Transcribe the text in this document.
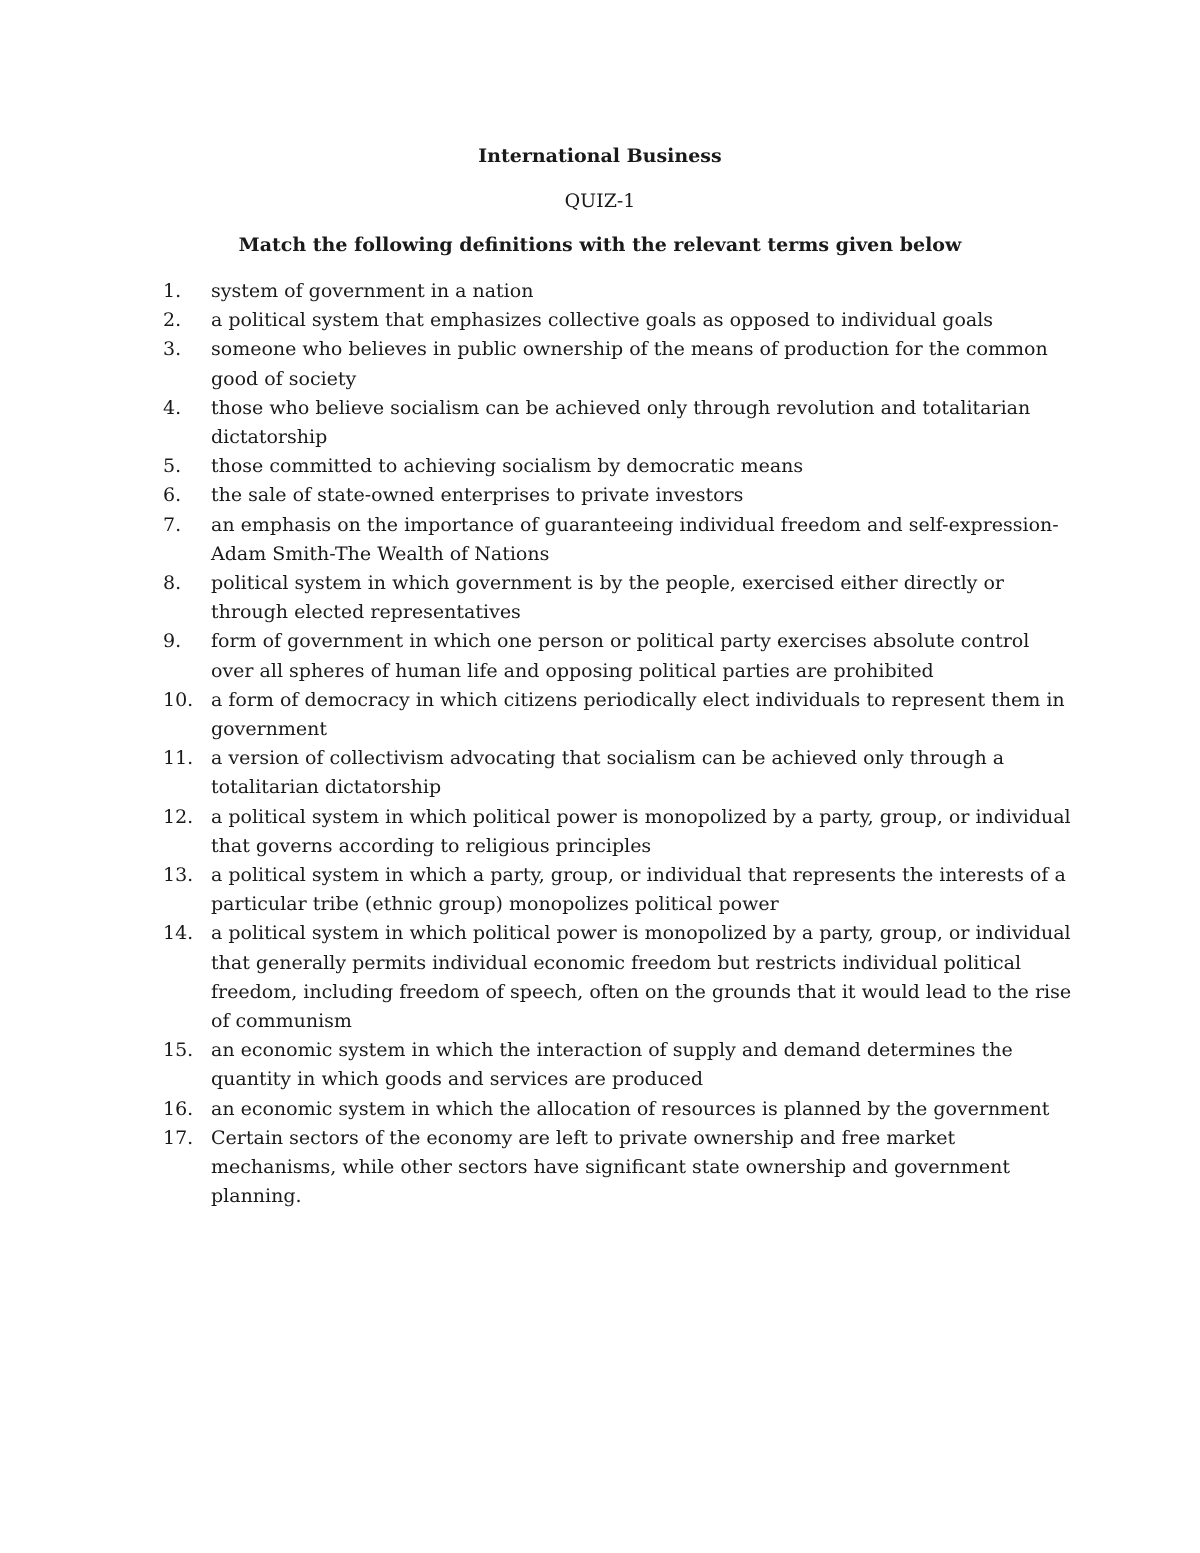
International Business
QUIZ-1

Match the following definitions with the relevant terms given below

1.	system of government in a nation
2.	a political system that emphasizes collective goals as opposed to individual goals
3.	someone who believes in public ownership of the means of production for the common good of society
4.	those who believe socialism can be achieved only through revolution and totalitarian dictatorship
5.	those committed to achieving socialism by democratic means
6.	the sale of state-owned enterprises to private investors
7.	an emphasis on the importance of guaranteeing individual freedom and self-expression-Adam Smith-The Wealth of Nations
8.	political system in which government is by the people, exercised either directly or through elected representatives
9.	form of government in which one person or political party exercises absolute control over all spheres of human life and opposing political parties are prohibited
10. a form of democracy in which citizens periodically elect individuals to represent them in government
11. a version of collectivism advocating that socialism can be achieved only through a totalitarian dictatorship
12. a political system in which political power is monopolized by a party, group, or individual that governs according to religious principles
13. a political system in which a party, group, or individual that represents the interests of a particular tribe (ethnic group) monopolizes political power
14. a political system in which political power is monopolized by a party, group, or individual that generally permits individual economic freedom but restricts individual political freedom, including freedom of speech, often on the grounds that it would lead to the rise of communism
15. an economic system in which the interaction of supply and demand determines the quantity in which goods and services are produced
16. an economic system in which the allocation of resources is planned by the government
17. Certain sectors of the economy are left to private ownership and free market mechanisms, while other sectors have significant state ownership and government planning.
